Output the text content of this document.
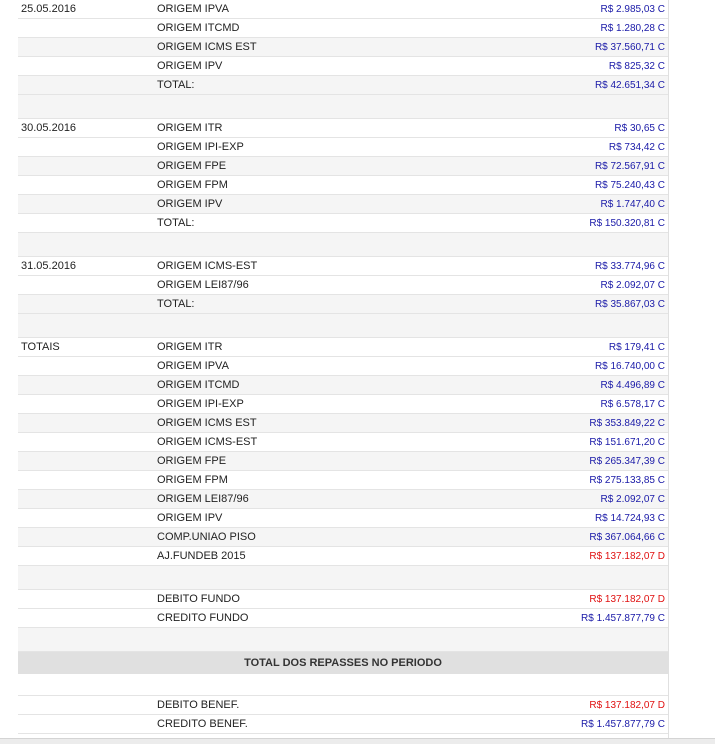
25.05.2016	ORIGEM IPVA	R$ 2.985,03 C
ORIGEM ITCMD	R$ 1.280,28 C
ORIGEM ICMS EST	R$ 37.560,71 C
ORIGEM IPV	R$ 825,32 C
TOTAL:	R$ 42.651,34 C
30.05.2016	ORIGEM ITR	R$ 30,65 C
ORIGEM IPI-EXP	R$ 734,42 C
ORIGEM FPE	R$ 72.567,91 C
ORIGEM FPM	R$ 75.240,43 C
ORIGEM IPV	R$ 1.747,40 C
TOTAL:	R$ 150.320,81 C
31.05.2016	ORIGEM ICMS-EST	R$ 33.774,96 C
ORIGEM LEI87/96	R$ 2.092,07 C
TOTAL:	R$ 35.867,03 C
TOTAIS	ORIGEM ITR	R$ 179,41 C
ORIGEM IPVA	R$ 16.740,00 C
ORIGEM ITCMD	R$ 4.496,89 C
ORIGEM IPI-EXP	R$ 6.578,17 C
ORIGEM ICMS EST	R$ 353.849,22 C
ORIGEM ICMS-EST	R$ 151.671,20 C
ORIGEM FPE	R$ 265.347,39 C
ORIGEM FPM	R$ 275.133,85 C
ORIGEM LEI87/96	R$ 2.092,07 C
ORIGEM IPV	R$ 14.724,93 C
COMP.UNIAO PISO	R$ 367.064,66 C
AJ.FUNDEB 2015	R$ 137.182,07 D
DEBITO FUNDO	R$ 137.182,07 D
CREDITO FUNDO	R$ 1.457.877,79 C
TOTAL DOS REPASSES NO PERIODO
DEBITO BENEF.	R$ 137.182,07 D
CREDITO BENEF.	R$ 1.457.877,79 C
